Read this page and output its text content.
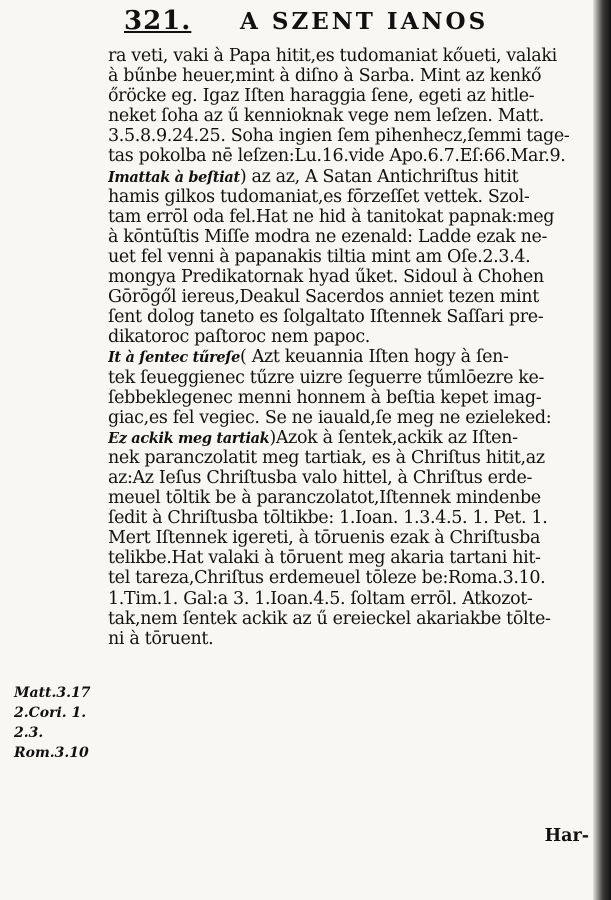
321. A SZENT IANOS
ra veti, vaki à Papa hitit,es tudomaniat kőueti, valaki
à bűnbe heuer,mint à diſno à Sarba. Mint az kenkő
őröcke eg. Igaz Iſten haraggia ſene, egeti az hitle-
neket ſoha az ű kennioknak vege nem leſzen. Matt.
3.5.8.9.24.25. Soha ingien ſem pihenhecz,ſemmi tage-
tas pokolba nē leſzen:Lu.16.vide Apo.6.7.Eſ:66.Mar.9.
Imattak à beſtiat) az az, A Satan Antichriſtus hitit
hamis gilkos tudomaniat,es fōrzeſſet vettek. Szol-
tam errōl oda fel.Hat ne hid à tanitokat papnak:meg
à kōntūſtis Miſſe modra ne ezenald: Ladde ezak ne-
uet fel venni à papanakis tiltia mint am Oſe.2.3.4.
mongya Predikatornak hyad űket. Sidoul à Chohen
Gōrōgől iereus,Deakul Sacerdos anniet tezen mint
ſent dolog taneto es ſolgaltato Iſtennek Saſſari pre-
dikatoroc paſtoroc nem papoc.
It à ſentec tűreſe( Azt keuannia Iſten hogy à ſen-
tek ſeueggienec tűzre uizre ſeguerre tűmlōezre ke-
ſebbeklegenec menni honnem à beſtia kepet imag-
giac,es fel vegiec. Se ne iauald,ſe meg ne ezieleked:
Ez ackik meg tartiak)Azok à ſentek,ackik az Iſten-
nek paranczolatit meg tartiak, es à Chriſtus hitit,az
az:Az Ieſus Chriſtusba valo hittel, à Chriſtus erde-
meuel tōltik be à paranczolatot,Iſtennek mindenbe
ſedit à Chriſtusba tōltikbe: 1.Ioan. 1.3.4.5. 1. Pet. 1.
Mert Iſtennek igereti, à tōruenis ezak à Chriſtusba
telikbe.Hat valaki à tōruent meg akaria tartani hit-
tel tareza,Chriſtus erdemeuel tōleze be:Roma.3.10.
1.Tim.1. Gal:a 3. 1.Ioan.4.5. ſoltam errōl. Atkozot-
tak,nem ſentek ackik az ű ereieckel akariakbe tōlte-
ni à tōruent.
Matt.3.17
2.Cori. 1.
2.3.
Rom.3.10
Har-
